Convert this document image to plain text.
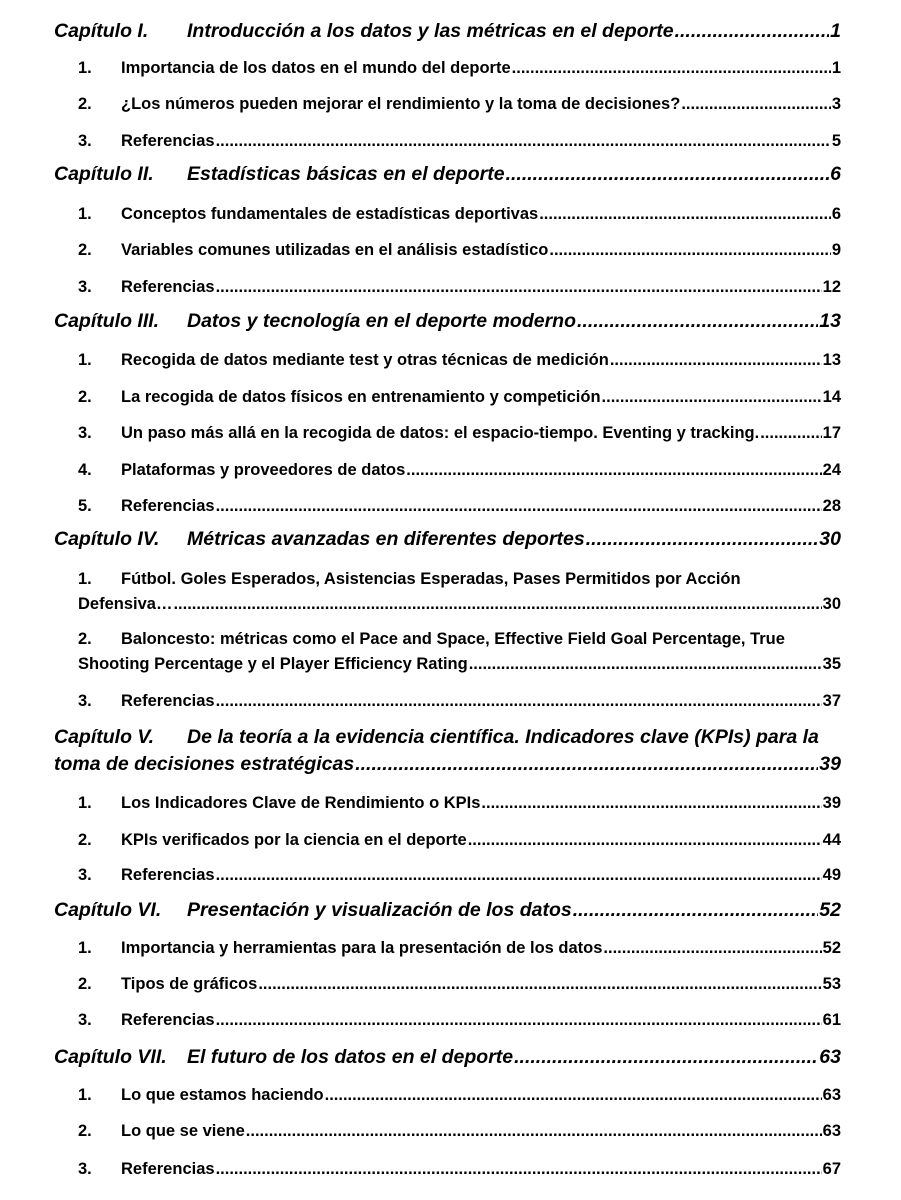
Capítulo I. Introducción a los datos y las métricas en el deporte .....	1
1. Importancia de los datos en el mundo del deporte .....	1
2. ¿Los números pueden mejorar el rendimiento y la toma de decisiones? .....	3
3. Referencias .....	5
Capítulo II. Estadísticas básicas en el deporte .....	6
1. Conceptos fundamentales de estadísticas deportivas .....	6
2. Variables comunes utilizadas en el análisis estadístico .....	9
3. Referencias .....	12
Capítulo III. Datos y tecnología en el deporte moderno .....	13
1. Recogida de datos mediante test y otras técnicas de medición .....	13
2. La recogida de datos físicos en entrenamiento y competición .....	14
3. Un paso más allá en la recogida de datos: el espacio-tiempo. Eventing y tracking. .....	17
4. Plataformas y proveedores de datos .....	24
5. Referencias .....	28
Capítulo IV. Métricas avanzadas en diferentes deportes .....	30
1. Fútbol. Goles Esperados, Asistencias Esperadas, Pases Permitidos por Acción
Defensiva… .....	30
2. Baloncesto: métricas como el Pace and Space, Effective Field Goal Percentage, True
Shooting Percentage y el Player Efficiency Rating .....	35
3. Referencias .....	37
Capítulo V. De la teoría a la evidencia científica. Indicadores clave (KPIs) para la
toma de decisiones estratégicas .....	39
1. Los Indicadores Clave de Rendimiento o KPIs .....	39
2. KPIs verificados por la ciencia en el deporte .....	44
3. Referencias .....	49
Capítulo VI. Presentación y visualización de los datos .....	52
1. Importancia y herramientas para la presentación de los datos .....	52
2. Tipos de gráficos .....	53
3. Referencias .....	61
Capítulo VII. El futuro de los datos en el deporte .....	63
1. Lo que estamos haciendo .....	63
2. Lo que se viene .....	63
3. Referencias .....	67
